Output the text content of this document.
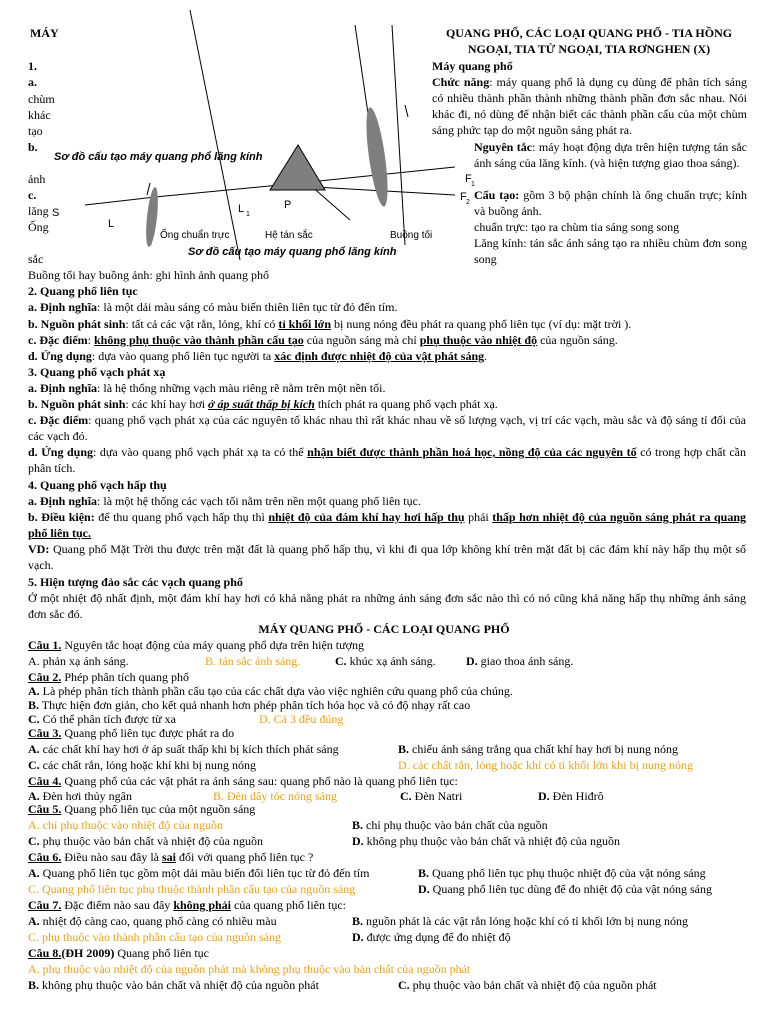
MÁY	QUANG PHỔ, CÁC LOẠI QUANG PHỔ - TIA HỒNG
NGOẠI, TIA TỬ NGOẠI, TIA RƠNGHEN (X)
1.
a.
chùm
khác
tạo
b.
ảnh
c.
lăng
Ống
sắc
Sơ đồ cấu tạo máy quang phổ lăng kính
S
L
L 1
P
F 1
F 2
Ống chuẩn trực	Hệ tán sắc	Buồng tối
Sơ đồ cấu tạo máy quang phổ lăng kính
Máy quang phổ
Chức năng: máy quang phổ là dụng cụ dùng để phân tích sáng có nhiều thành phần thành những thành phần đơn sắc nhau. Nói khác đi, nó dùng để nhận biết các thành phần cấu của một chùm sáng phức tạp do một nguồn sáng phát ra.
Nguyên tắc: máy hoạt động dựa trên hiện tượng tán sắc ánh sáng của lăng kính. (và hiện tượng giao thoa sáng).
Cấu tạo: gồm 3 bộ phận chính là ống chuẩn trực; kính và buồng ảnh.
chuẩn trực: tạo ra chùm tia sáng song song
Lăng kính: tán sắc ánh sáng tạo ra nhiều chùm đơn song song
Buồng tối hay buồng ảnh: ghi hình ảnh quang phổ
2. Quang phổ liên tục
a. Định nghĩa: là một dải màu sáng có màu biến thiên liên tục từ đỏ đến tím.
b. Nguồn phát sinh: tất cả các vật rắn, lỏng, khí có tỉ khối lớn bị nung nóng đều phát ra quang phổ liên tục (ví dụ: mặt trời ).
c. Đặc điểm: không phụ thuộc vào thành phần cấu tạo của nguồn sáng mà chỉ phụ thuộc vào nhiệt độ của nguồn sáng.
d. Ứng dụng: dựa vào quang phổ liên tục người ta xác định được nhiệt độ của vật phát sáng.
3. Quang phổ vạch phát xạ
a. Định nghĩa: là hệ thống những vạch màu riêng rẽ nằm trên một nền tối.
b. Nguồn phát sinh: các khí hay hơi ở áp suất thấp bị kích thích phát ra quang phổ vạch phát xạ.
c. Đặc điểm: quang phổ vạch phát xạ của các nguyên tố khác nhau thì rất khác nhau về số lượng vạch, vị trí các vạch, màu sắc và độ sáng tỉ đối của các vạch đó.
d. Ứng dụng: dựa vào quang phổ vạch phát xạ ta có thể nhận biết được thành phần hoá học, nồng độ của các nguyên tố có trong hợp chất cần phân tích.
4. Quang phổ vạch hấp thụ
a. Định nghĩa: là một hệ thống các vạch tối nằm trên nền một quang phổ liên tục.
b. Điều kiện: để thu quang phổ vạch hấp thụ thì nhiệt độ của đám khí hay hơi hấp thụ phải thấp hơn nhiệt độ của nguồn sáng phát ra quang phổ liên tục.
VD: Quang phổ Mặt Trời thu được trên mặt đất là quang phổ hấp thụ, vì khi đi qua lớp không khí trên mặt đất bị các đám khí này hấp thụ một số vạch.
5. Hiện tượng đảo sắc các vạch quang phổ
Ở một nhiệt độ nhất định, một đám khí hay hơi có khả năng phát ra những ánh sáng đơn sắc nào thì có nó cũng khả năng hấp thụ những ánh sáng đơn sắc đó.
MÁY QUANG PHỔ - CÁC LOẠI QUANG PHỔ
Câu 1. Nguyên tắc hoạt động của máy quang phổ dựa trên hiện tượng
A. phản xạ ánh sáng.	B. tán sắc ánh sáng.	C. khúc xạ ánh sáng.	D. giao thoa ánh sáng.
Câu 2. Phép phân tích quang phổ
A. Là phép phân tích thành phần cấu tạo của các chất dựa vào việc nghiên cứu quang phổ của chúng.
B. Thực hiện đơn giản, cho kết quả nhanh hơn phép phân tích hóa học và có độ nhạy rất cao
C. Có thể phân tích được từ xa	D. Cả 3 đều đúng
Câu 3. Quang phổ liên tục được phát ra do
A. các chất khí hay hơi ở áp suất thấp khi bị kích thích phát sáng	B. chiếu ánh sáng trắng qua chất khí hay hơi bị nung nóng
C. các chất rắn, lỏng hoặc khí khi bị nung nóng	D. các chất rắn, lỏng hoặc khí có tỉ khối lớn khi bị nung nóng
Câu 4. Quang phổ của các vật phát ra ánh sáng sau: quang phổ nào là quang phổ liên tục:
A. Đèn hơi thủy ngân	B. Đèn dây tóc nóng sáng	C. Đèn Natri	D. Đèn Hiđrô
Câu 5. Quang phổ liên tục của một nguồn sáng
A. chỉ phụ thuộc vào nhiệt độ của nguồn	B. chỉ phụ thuộc vào bản chất của nguồn
C. phụ thuộc vào bản chất và nhiệt độ của nguồn	D. không phụ thuộc vào bản chất và nhiệt độ của nguồn
Câu 6. Điều nào sau đây là sai đối với quang phổ liên tục ?
A. Quang phổ liên tục gồm một dải màu biến đổi liên tục từ đỏ đến tím	B. Quang phổ liên tục phụ thuộc nhiệt độ của vật nóng sáng
C. Quang phổ liên tục phụ thuộc thành phần cấu tạo của nguồn sáng	D. Quang phổ liên tục dùng để đo nhiệt độ của vật nóng sáng
Câu 7. Đặc điểm nào sau đây không phải của quang phổ liên tục:
A. nhiệt độ càng cao, quang phổ càng có nhiều màu	B. nguồn phát là các vật rắn lỏng hoặc khí có tỉ khối lớn bị nung nóng
C. phụ thuộc vào thành phần cấu tạo của nguồn sáng	D. được ứng dụng để đo nhiệt độ
Câu 8.(ĐH 2009) Quang phổ liên tục
A. phụ thuộc vào nhiệt độ của nguồn phát mà không phụ thuộc vào bản chất của nguồn phát
B. không phụ thuộc vào bản chất và nhiệt độ của nguồn phát	C. phụ thuộc vào bản chất và nhiệt độ của nguồn phát
